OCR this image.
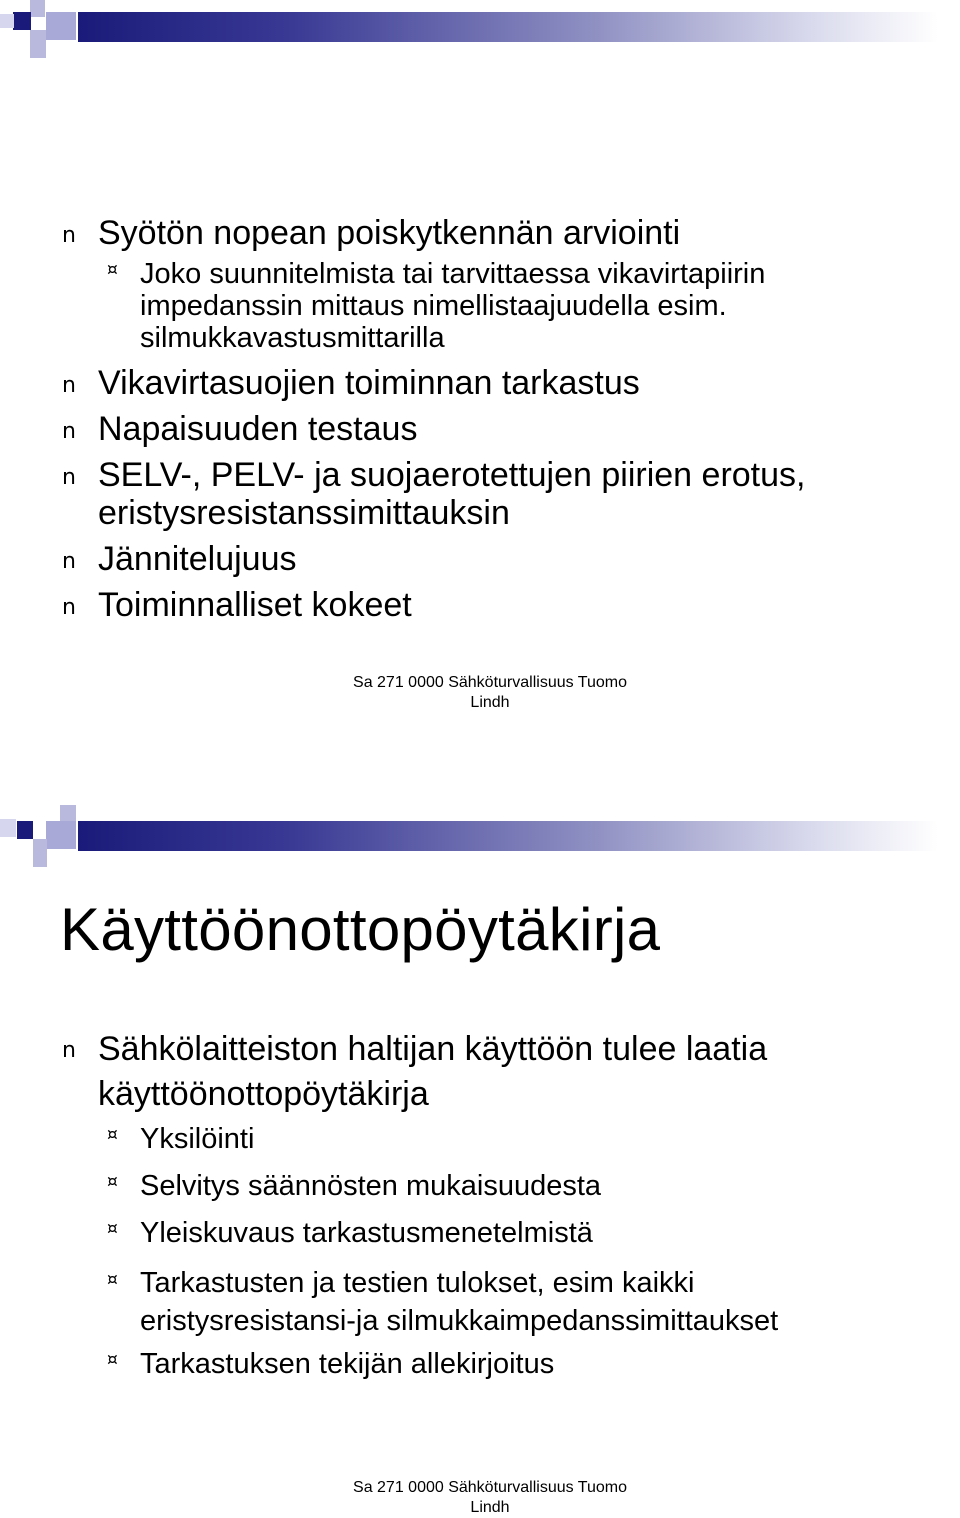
n Syötön nopean poiskytkennän arviointi
¤ Joko suunnitelmista tai tarvittaessa vikavirtapiirin
impedanssin mittaus nimellistaajuudella esim.
silmukkavastusmittarilla
n Vikavirtasuojien toiminnan tarkastus
n Napaisuuden testaus
n SELV-, PELV- ja suojaerotettujen piirien erotus,
eristysresistanssimittauksin
n Jännitelujuus
n Toiminnalliset kokeet
Sa 271 0000 Sähköturvallisuus Tuomo
Lindh
Käyttöönottopöytäkirja
n Sähkölaitteiston haltijan käyttöön tulee laatia
käyttöönottopöytäkirja
¤ Yksilöinti
¤ Selvitys säännösten mukaisuudesta
¤ Yleiskuvaus tarkastusmenetelmistä
¤ Tarkastusten ja testien tulokset, esim kaikki
eristysresistansi-ja silmukkaimpedanssimittaukset
¤ Tarkastuksen tekijän allekirjoitus
Sa 271 0000 Sähköturvallisuus Tuomo
Lindh
